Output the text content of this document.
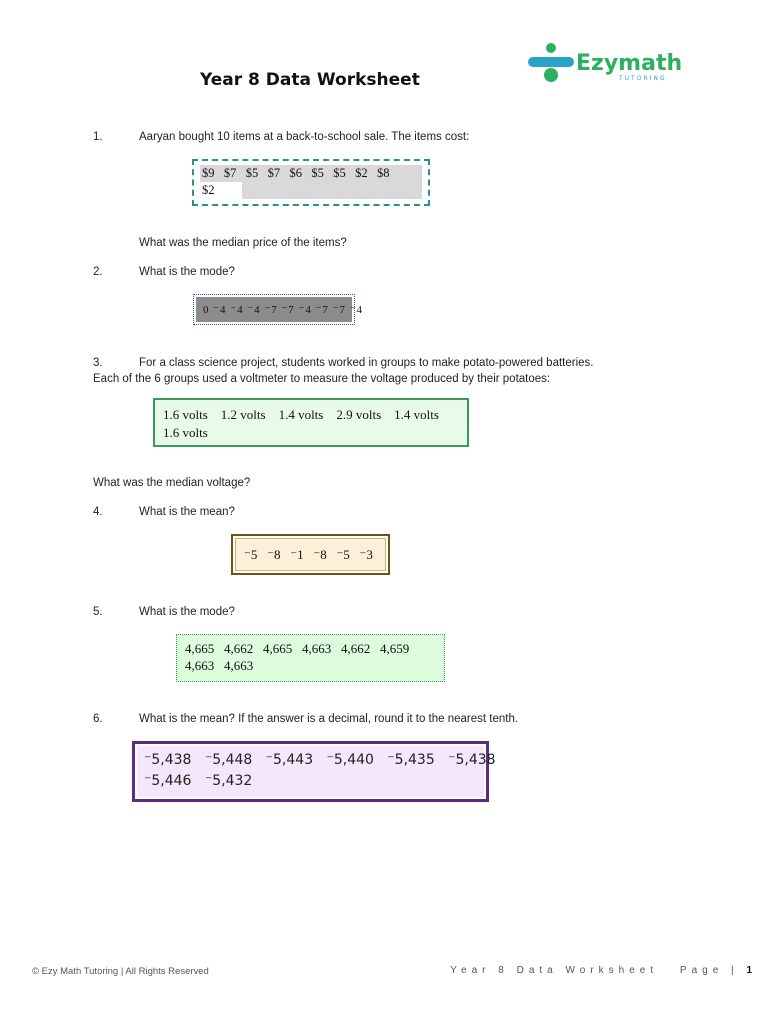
Year 8 Data Worksheet
Ezymath
TUTORING
1.	Aaryan bought 10 items at a back-to-school sale. The items cost:
$9   $7   $5   $7   $6   $5   $5   $2   $8
$2
What was the median price of the items?
2.	What is the mode?
0 ⁻4 ⁻4 ⁻4 ⁻7 ⁻7 ⁻4 ⁻7 ⁻7 ⁻4
3.	For a class science project, students worked in groups to make potato-powered batteries.
Each of the 6 groups used a voltmeter to measure the voltage produced by their potatoes:
1.6 volts    1.2 volts    1.4 volts    2.9 volts    1.4 volts
1.6 volts
What was the median voltage?
4.	What is the mean?
⁻5   ⁻8   ⁻1   ⁻8   ⁻5   ⁻3
5.	What is the mode?
4,665   4,662   4,665   4,663   4,662   4,659
4,663   4,663
6.	What is the mean? If the answer is a decimal, round it to the nearest tenth.
⁻5,438   ⁻5,448   ⁻5,443   ⁻5,440   ⁻5,435   ⁻5,438
⁻5,446   ⁻5,432
© Ezy Math Tutoring | All Rights Reserved	Year 8 Data Worksheet Page | 1
